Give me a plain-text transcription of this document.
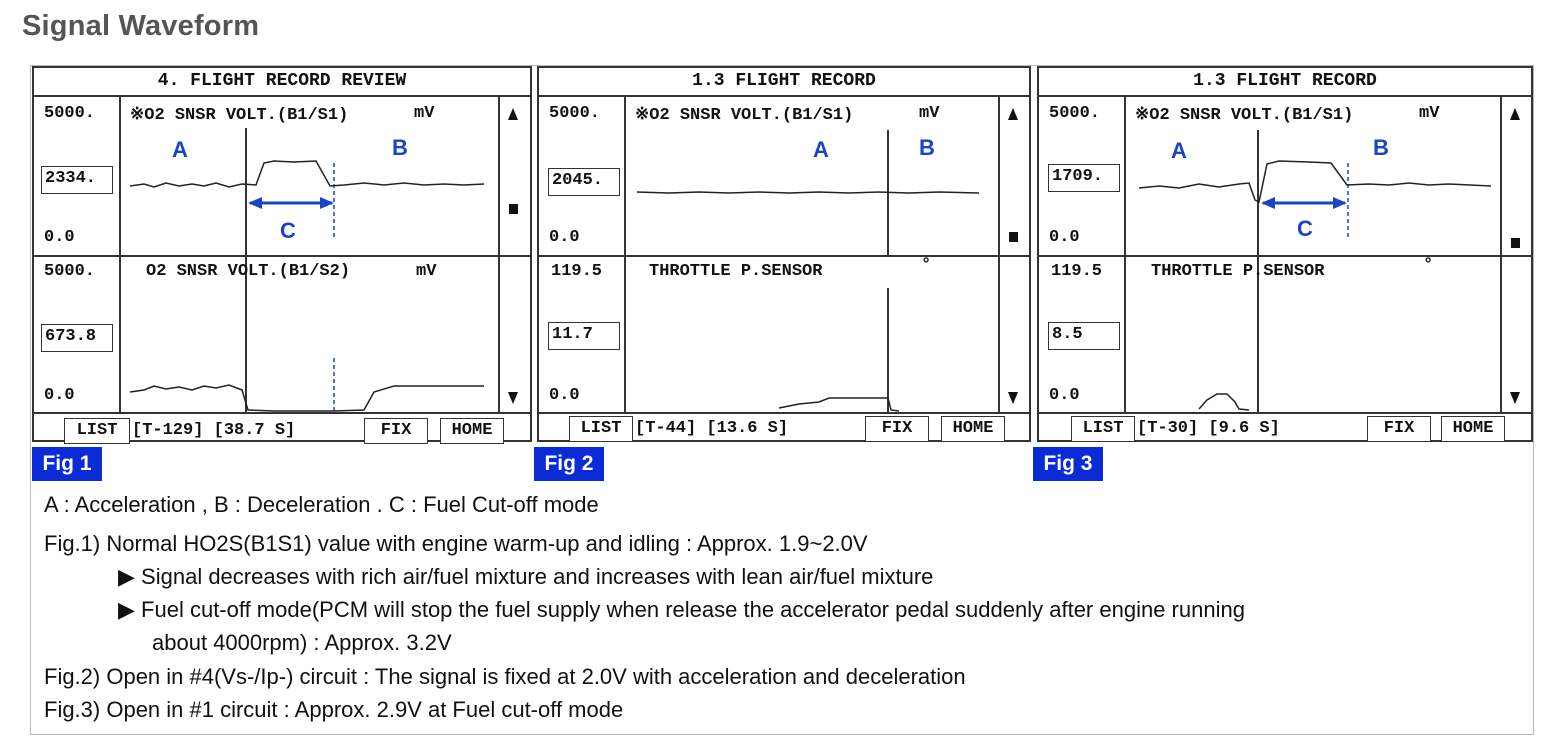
Signal Waveform
4. FLIGHT RECORD REVIEW
A	B
C
5000.
2334.
0.0
※O2 SNSR VOLT.(B1/S1)	mV
5000.
673.8
0.0
O2 SNSR VOLT.(B1/S2)	mV
LIST [T-129] [38.7 S]	FIX	HOME
Fig 1
1.3 FLIGHT RECORD
A	B
5000.
2045.
0.0
※O2 SNSR VOLT.(B1/S1)	mV
119.5
11.7
0.0
THROTTLE P.SENSOR	°
LIST [T-44] [13.6 S]	FIX	HOME
Fig 2
1.3 FLIGHT RECORD
A	B
C
5000.
1709.
0.0
※O2 SNSR VOLT.(B1/S1)	mV
119.5
8.5
0.0
THROTTLE P.SENSOR	°
LIST [T-30] [9.6 S]	FIX	HOME
Fig 3
A : Acceleration , B : Deceleration . C : Fuel Cut-off mode
Fig.1) Normal HO2S(B1S1) value with engine warm-up and idling : Approx. 1.9~2.0V
▶ Signal decreases with rich air/fuel mixture and increases with lean air/fuel mixture
▶ Fuel cut-off mode(PCM will stop the fuel supply when release the accelerator pedal suddenly after engine running
about 4000rpm) : Approx. 3.2V
Fig.2) Open in #4(Vs-/Ip-) circuit : The signal is fixed at 2.0V with acceleration and deceleration
Fig.3) Open in #1 circuit : Approx. 2.9V at Fuel cut-off mode
